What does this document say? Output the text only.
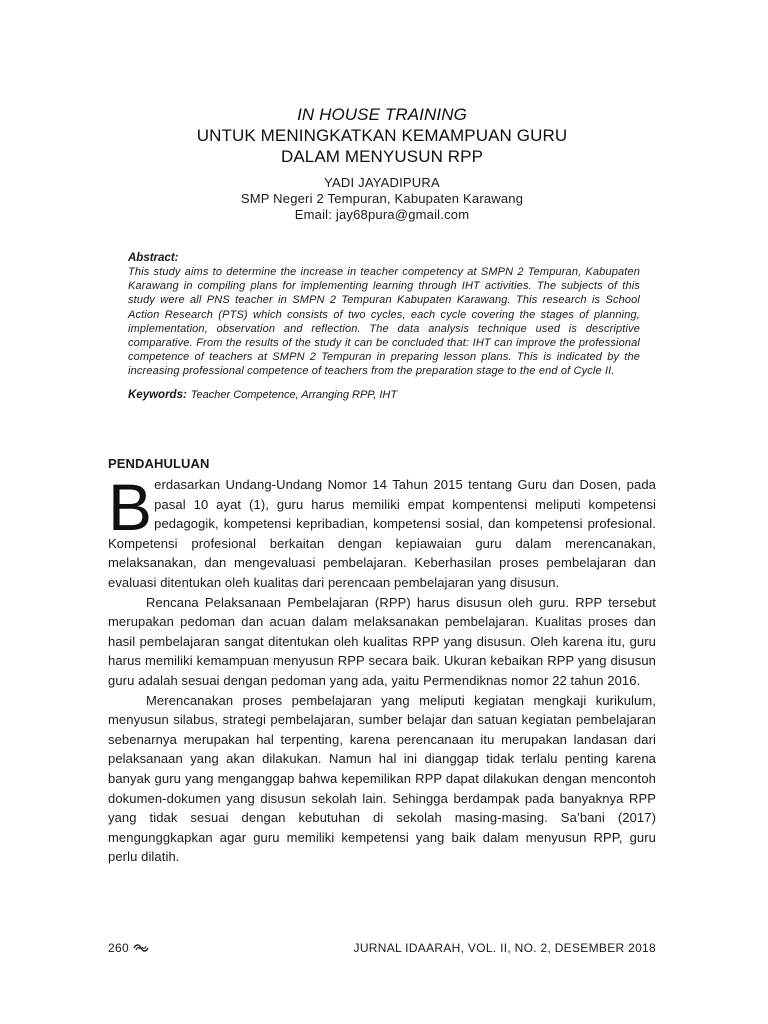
IN HOUSE TRAINING
UNTUK MENINGKATKAN KEMAMPUAN GURU
DALAM MENYUSUN RPP
YADI JAYADIPURA
SMP Negeri 2 Tempuran, Kabupaten Karawang
Email: jay68pura@gmail.com
Abstract:
This study aims to determine the increase in teacher competency at SMPN 2 Tempuran, Kabupaten Karawang in compiling plans for implementing learning through IHT activities. The subjects of this study were all PNS teacher in SMPN 2 Tempuran Kabupaten Karawang. This research is School Action Research (PTS) which consists of two cycles, each cycle covering the stages of planning, implementation, observation and reflection. The data analysis technique used is descriptive comparative. From the results of the study it can be concluded that: IHT can improve the professional competence of teachers at SMPN 2 Tempuran in preparing lesson plans. This is indicated by the increasing professional competence of teachers from the preparation stage to the end of Cycle II.
Keywords: Teacher Competence, Arranging RPP, IHT
PENDAHULUAN

Berdasarkan Undang-Undang Nomor 14 Tahun 2015 tentang Guru dan Dosen, pada pasal 10 ayat (1), guru harus memiliki empat kompentensi meliputi kompetensi pedagogik, kompetensi kepribadian, kompetensi sosial, dan kompetensi profesional. Kompetensi profesional berkaitan dengan kepiawaian guru dalam merencanakan, melaksanakan, dan mengevaluasi pembelajaran. Keberhasilan proses pembelajaran dan evaluasi ditentukan oleh kualitas dari perencaan pembelajaran yang disusun.

Rencana Pelaksanaan Pembelajaran (RPP) harus disusun oleh guru. RPP tersebut merupakan pedoman dan acuan dalam melaksanakan pembelajaran. Kualitas proses dan hasil pembelajaran sangat ditentukan oleh kualitas RPP yang disusun. Oleh karena itu, guru harus memiliki kemampuan menyusun RPP secara baik. Ukuran kebaikan RPP yang disusun guru adalah sesuai dengan pedoman yang ada, yaitu Permendiknas nomor 22 tahun 2016.

Merencanakan proses pembelajaran yang meliputi kegiatan mengkaji kurikulum, menyusun silabus, strategi pembelajaran, sumber belajar dan satuan kegiatan pembelajaran sebenarnya merupakan hal terpenting, karena perencanaan itu merupakan landasan dari pelaksanaan yang akan dilakukan. Namun hal ini dianggap tidak terlalu penting karena banyak guru yang menganggap bahwa kepemilikan RPP dapat dilakukan dengan mencontoh dokumen-dokumen yang disusun sekolah lain. Sehingga berdampak pada banyaknya RPP yang tidak sesuai dengan kebutuhan di sekolah masing-masing. Sa’bani (2017) mengunggkapkan agar guru memiliki kempetensi yang baik dalam menyusun RPP, guru perlu dilatih.

260	JURNAL IDAARAH, VOL. II, NO. 2, DESEMBER 2018
